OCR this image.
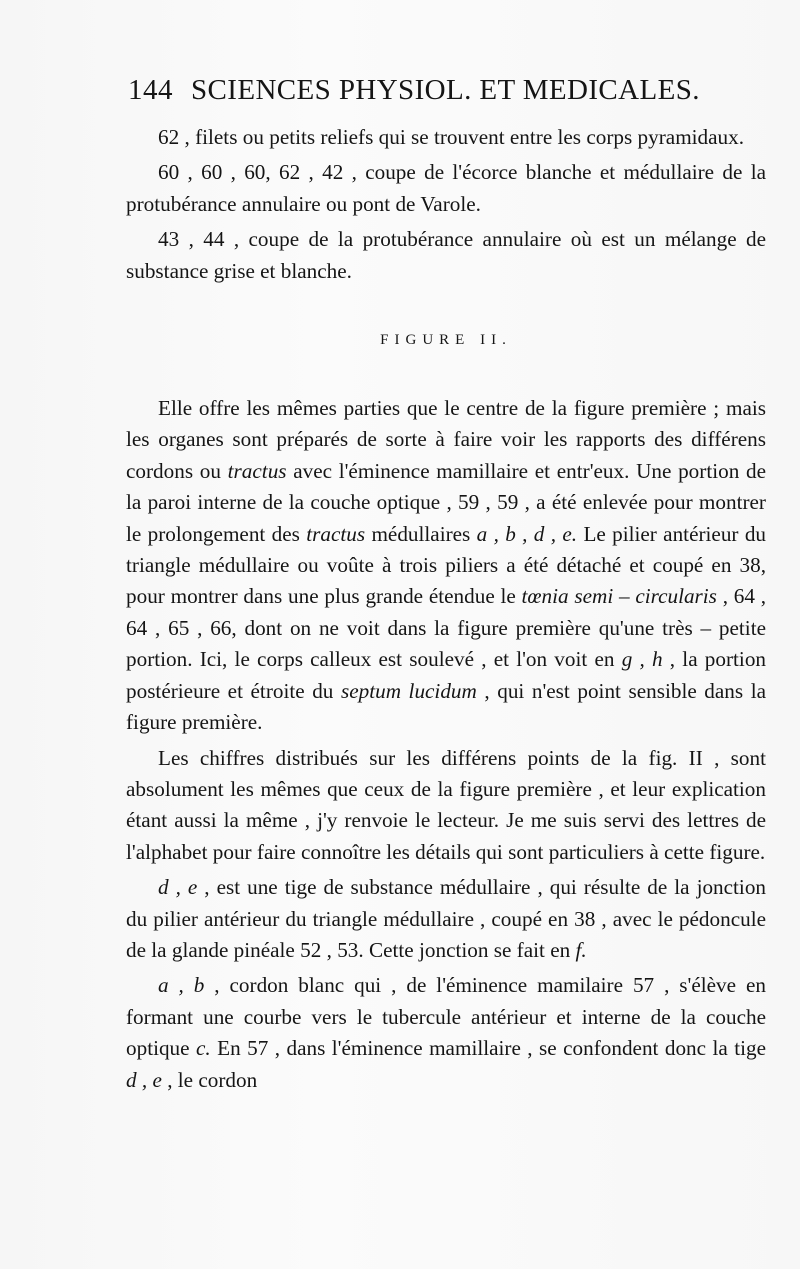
144 SCIENCES PHYSIOL. ET MEDICALES.

62 , filets ou petits reliefs qui se trouvent entre les corps pyramidaux.

60 , 60 , 60, 62 , 42 , coupe de l'écorce blanche et médullaire de la protubérance annulaire ou pont de Varole.

43 , 44 , coupe de la protubérance annulaire où est un mélange de substance grise et blanche.

FIGURE II.

Elle offre les mêmes parties que le centre de la figure première ; mais les organes sont préparés de sorte à faire voir les rapports des différens cordons ou tractus avec l'éminence mamillaire et entr'eux. Une portion de la paroi interne de la couche optique , 59 , 59 , a été enlevée pour montrer le prolongement des tractus médullaires a , b , d , e. Le pilier antérieur du triangle médullaire ou voûte à trois piliers a été détaché et coupé en 38, pour montrer dans une plus grande étendue le tœnia semi – circularis , 64 , 64 , 65 , 66, dont on ne voit dans la figure première qu'une très – petite portion. Ici, le corps calleux est soulevé , et l'on voit en g , h , la portion postérieure et étroite du septum lucidum , qui n'est point sensible dans la figure première.

Les chiffres distribués sur les différens points de la fig. II , sont absolument les mêmes que ceux de la figure première , et leur explication étant aussi la même , j'y renvoie le lecteur. Je me suis servi des lettres de l'alphabet pour faire connoître les détails qui sont particuliers à cette figure.

d , e , est une tige de substance médullaire , qui résulte de la jonction du pilier antérieur du triangle médullaire , coupé en 38 , avec le pédoncule de la glande pinéale 52 , 53. Cette jonction se fait en f.

a , b , cordon blanc qui , de l'éminence mamilaire 57 , s'élève en formant une courbe vers le tubercule antérieur et interne de la couche optique c. En 57 , dans l'éminence mamillaire , se confondent donc la tige d , e , le cordon
